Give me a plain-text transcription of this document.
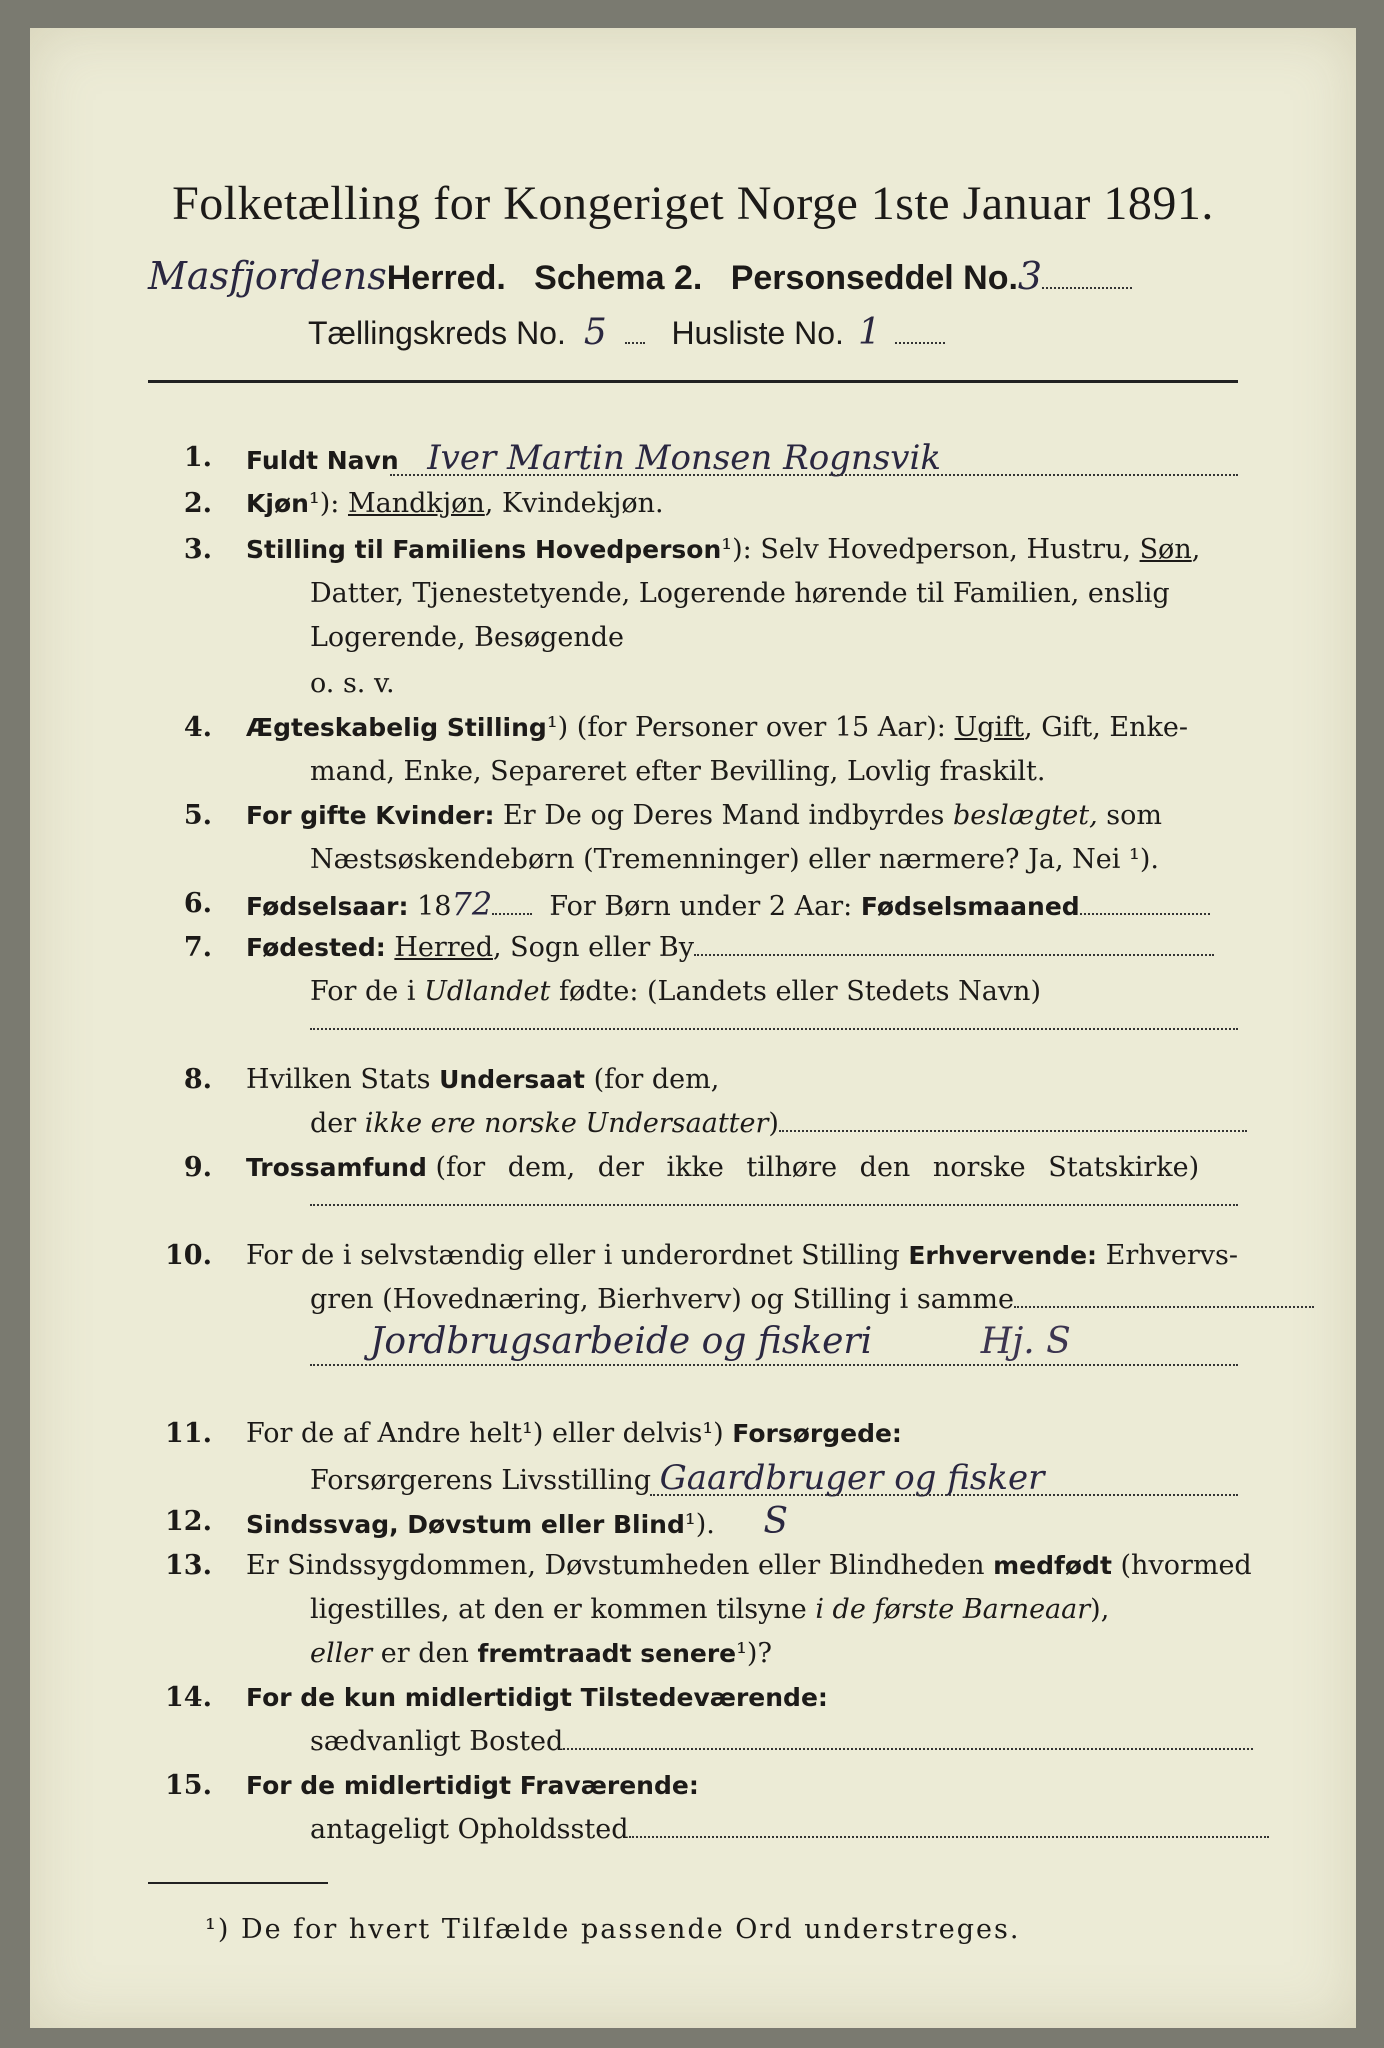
Folketælling for Kongeriget Norge 1ste Januar 1891.
MasfjordensHerred. Schema 2. Personseddel No.3
Tællingskreds No. 5 Husliste No. 1
1. Fuldt Navn Iver Martin Monsen Rognsvik
2. Kjøn¹): Mandkjøn, Kvindekjøn.
3. Stilling til Familiens Hovedperson¹): Selv Hovedperson, Hustru, Søn,
Datter, Tjenestetyende, Logerende hørende til Familien, enslig
Logerende, Besøgende
o. s. v.
4. Ægteskabelig Stilling¹) (for Personer over 15 Aar): Ugift, Gift, Enke-
mand, Enke, Separeret efter Bevilling, Lovlig fraskilt.
5. For gifte Kvinder: Er De og Deres Mand indbyrdes beslægtet, som
Næstsøskendebørn (Tremenninger) eller nærmere? Ja, Nei ¹).
6. Fødselsaar: 1872 For Børn under 2 Aar: Fødselsmaaned
7. Fødested: Herred, Sogn eller By
For de i Udlandet fødte: (Landets eller Stedets Navn)
8. Hvilken Stats Undersaat (for dem,
der ikke ere norske Undersaatter)
9. Trossamfund (for dem, der ikke tilhøre den norske Statskirke)
10. For de i selvstændig eller i underordnet Stilling Erhvervende: Erhvervs-
gren (Hovednæring, Bierhverv) og Stilling i samme
Jordbrugsarbeide og fiskeri	Hj. S
11. For de af Andre helt¹) eller delvis¹) Forsørgede:
Forsørgerens Livsstilling Gaardbruger og fisker
12. Sindssvag, Døvstum eller Blind¹). S
13. Er Sindssygdommen, Døvstumheden eller Blindheden medfødt (hvormed
ligestilles, at den er kommen tilsyne i de første Barneaar),
eller er den fremtraadt senere¹)?
14. For de kun midlertidigt Tilstedeværende:
sædvanligt Bosted
15. For de midlertidigt Fraværende:
antageligt Opholdssted
¹) De for hvert Tilfælde passende Ord understreges.
